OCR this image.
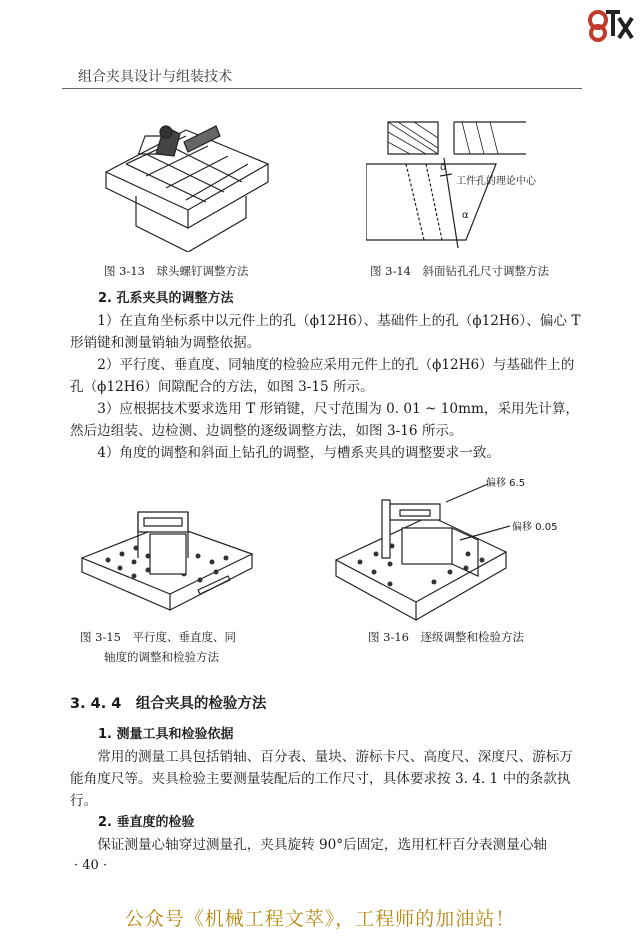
组合夹具设计与组装技术
图 3-13　球头螺钉调整方法
工件孔的理论中心
δ
α
图 3-14　斜面钻孔孔尺寸调整方法
2. 孔系夹具的调整方法
1）在直角坐标系中以元件上的孔（ϕ12H6）、基础件上的孔（ϕ12H6）、偏心 T 形销键和测量销轴为调整依据。
2）平行度、垂直度、同轴度的检验应采用元件上的孔（ϕ12H6）与基础件上的孔（ϕ12H6）间隙配合的方法，如图 3-15 所示。
3）应根据技术要求选用 T 形销键，尺寸范围为 0. 01 ~ 10mm，采用先计算，然后边组装、边检测、边调整的逐级调整方法，如图 3-16 所示。
4）角度的调整和斜面上钻孔的调整，与槽系夹具的调整要求一致。
图 3-15　平行度、垂直度、同
轴度的调整和检验方法
偏移 6.5
偏移 0.05
图 3-16　逐级调整和检验方法
3. 4. 4　组合夹具的检验方法
1. 测量工具和检验依据
常用的测量工具包括销轴、百分表、量块、游标卡尺、高度尺、深度尺、游标万能角度尺等。夹具检验主要测量装配后的工作尺寸，具体要求按 3. 4. 1 中的条款执行。
2. 垂直度的检验
保证测量心轴穿过测量孔，夹具旋转 90°后固定，选用杠杆百分表测量心轴
· 40 ·
公众号《机械工程文萃》，工程师的加油站！
